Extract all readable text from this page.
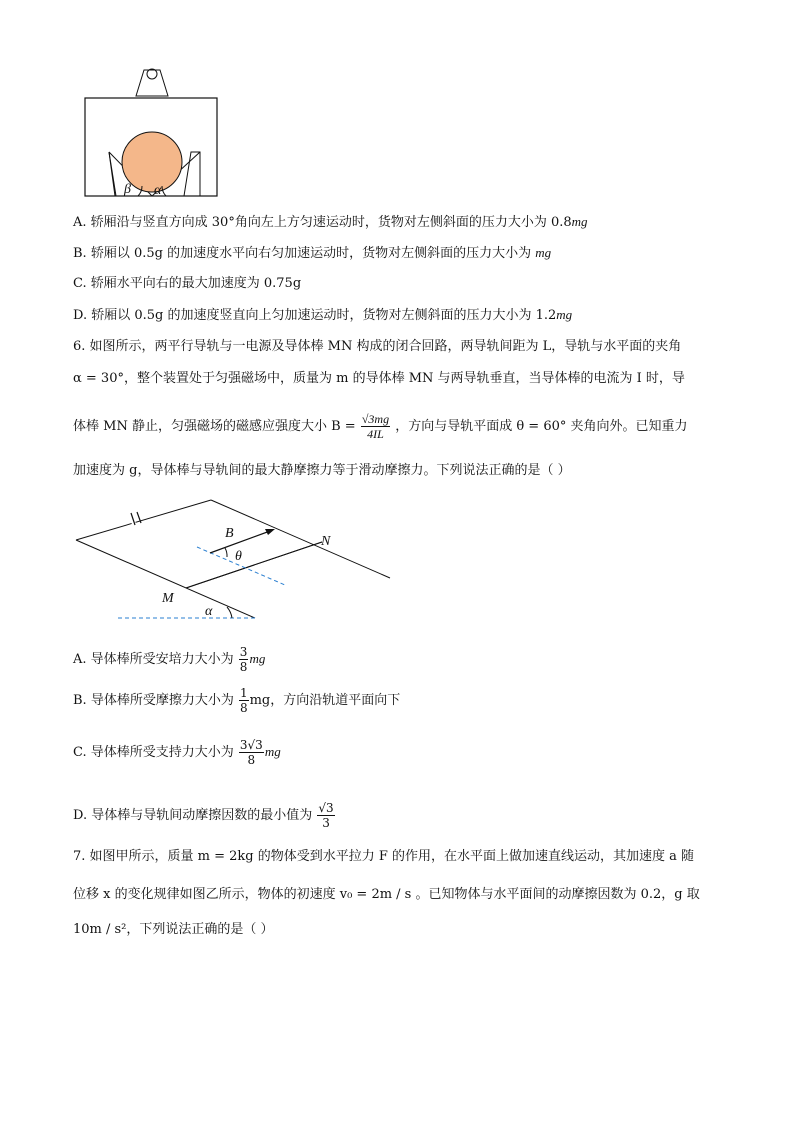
β α
A. 轿厢沿与竖直方向成 30°角向左上方匀速运动时，货物对左侧斜面的压力大小为 0.8mg
B. 轿厢以 0.5g 的加速度水平向右匀加速运动时，货物对左侧斜面的压力大小为 mg
C. 轿厢水平向右的最大加速度为 0.75g
D. 轿厢以 0.5g 的加速度竖直向上匀加速运动时，货物对左侧斜面的压力大小为 1.2mg
6. 如图所示，两平行导轨与一电源及导体棒 MN 构成的闭合回路，两导轨间距为 L，导轨与水平面的夹角
α = 30°，整个装置处于匀强磁场中，质量为 m 的导体棒 MN 与两导轨垂直，当导体棒的电流为 I 时，导
体棒 MN 静止，匀强磁场的磁感应强度大小 $B = \frac{√3mg}{4IL}$ ，方向与导轨平面成 θ = 60° 夹角向外。已知重力
加速度为 g，导体棒与导轨间的最大静摩擦力等于滑动摩擦力。下列说法正确的是（ ）
B
θ
N
M
α
A. 导体棒所受安培力大小为 $\frac{3}{8}$ mg
B. 导体棒所受摩擦力大小为 $\frac{1}{8}$ mg，方向沿轨道平面向下
C. 导体棒所受支持力大小为 $\frac{3√3}{8}$ mg
D. 导体棒与导轨间动摩擦因数的最小值为 $\frac{√3}{3}$
7. 如图甲所示，质量 m = 2kg 的物体受到水平拉力 F 的作用，在水平面上做加速直线运动，其加速度 a 随
位移 x 的变化规律如图乙所示，物体的初速度 v₀ = 2m / s 。已知物体与水平面间的动摩擦因数为 0.2，g 取
10m / s²，下列说法正确的是（ ）
